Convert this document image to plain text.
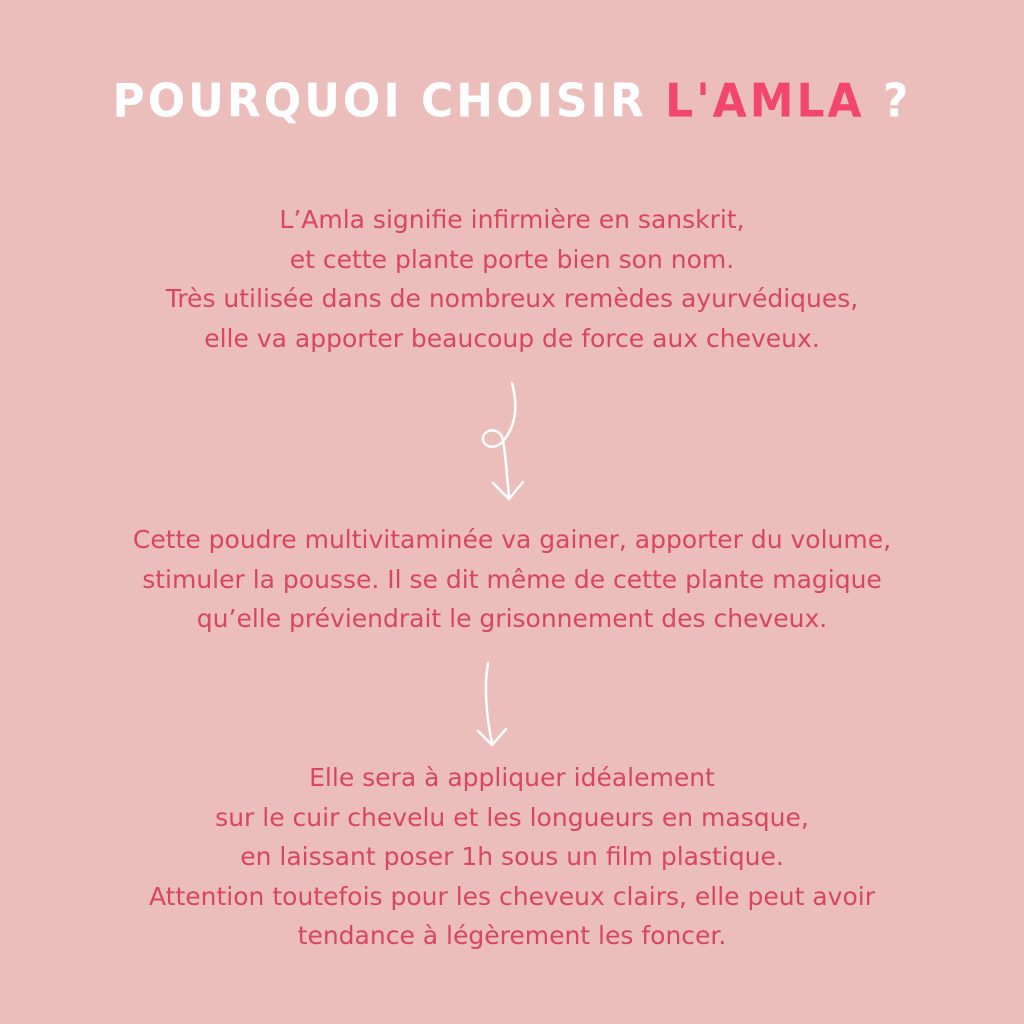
POURQUOI CHOISIR L'AMLA ?
L’Amla signifie infirmière en sanskrit,
et cette plante porte bien son nom.
Très utilisée dans de nombreux remèdes ayurvédiques,
elle va apporter beaucoup de force aux cheveux.
Cette poudre multivitaminée va gainer, apporter du volume,
stimuler la pousse. Il se dit même de cette plante magique
qu’elle préviendrait le grisonnement des cheveux.
Elle sera à appliquer idéalement
sur le cuir chevelu et les longueurs en masque,
en laissant poser 1h sous un film plastique.
Attention toutefois pour les cheveux clairs, elle peut avoir
tendance à légèrement les foncer.
